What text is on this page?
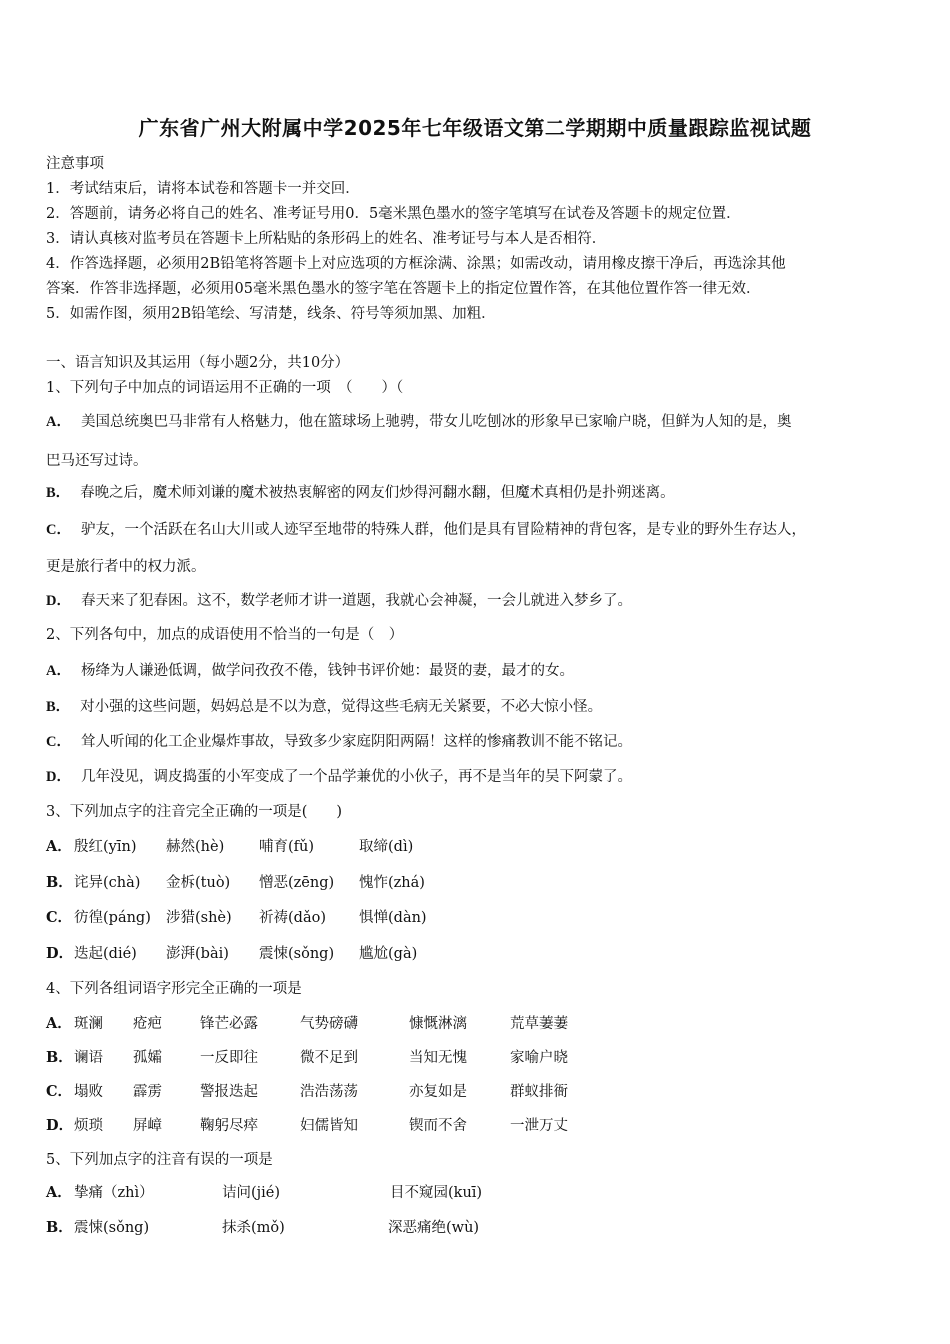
广东省广州大附属中学2025年七年级语文第二学期期中质量跟踪监视试题
注意事项
1．考试结束后，请将本试卷和答题卡一并交回．
2．答题前，请务必将自己的姓名、准考证号用0．5毫米黑色墨水的签字笔填写在试卷及答题卡的规定位置．
3．请认真核对监考员在答题卡上所粘贴的条形码上的姓名、准考证号与本人是否相符．
4．作答选择题，必须用2B铅笔将答题卡上对应选项的方框涂满、涂黑；如需改动，请用橡皮擦干净后，再选涂其他
答案．作答非选择题，必须用05毫米黑色墨水的签字笔在答题卡上的指定位置作答，在其他位置作答一律无效．
5．如需作图，须用2B铅笔绘、写清楚，线条、符号等须加黑、加粗．
一、语言知识及其运用（每小题2分，共10分）
1、下列句子中加点的词语运用不正确的一项　（　　）（
A． 美国总统奥巴马非常有人格魅力，他在篮球场上驰骋，带女儿吃刨冰的形象早已家喻户晓，但鲜为人知的是，奥
巴马还写过诗。
B． 春晚之后，魔术师刘谦的魔术被热衷解密的网友们炒得河翻水翻，但魔术真相仍是扑朔迷离。
C． 驴友，一个活跃在名山大川或人迹罕至地带的特殊人群，他们是具有冒险精神的背包客，是专业的野外生存达人，
更是旅行者中的权力派。
D． 春天来了犯春困。这不，数学老师才讲一道题，我就心会神凝，一会儿就进入梦乡了。
2、下列各句中，加点的成语使用不恰当的一句是（　）
A． 杨绛为人谦逊低调，做学问孜孜不倦，钱钟书评价她：最贤的妻，最才的女。
B． 对小强的这些问题，妈妈总是不以为意，觉得这些毛病无关紧要，不必大惊小怪。
C． 耸人听闻的化工企业爆炸事故，导致多少家庭阴阳两隔！这样的惨痛教训不能不铭记。
D． 几年没见，调皮捣蛋的小军变成了一个品学兼优的小伙子，再不是当年的吴下阿蒙了。
3、下列加点字的注音完全正确的一项是(　　)
A． 殷红(yīn) 赫然(hè) 哺育(fǔ)	取缔(dì)
B． 诧异(chà) 金柝(tuò) 憎恶(zēng) 愧怍(zhá)
C． 彷徨(páng) 涉猎(shè) 祈祷(dǎo) 惧惮(dàn)
D． 迭起(dié) 澎湃(bài) 震悚(sǒng) 尴尬(gà)
4、下列各组词语字形完全正确的一项是
A． 斑澜 疮疤	锋芒必露	气势磅礴	慷慨淋漓	荒草萋萋
B． 谰语 孤孀	一反即往	微不足到	当知无愧	家喻户晓
C． 塌败 霹雳	警报迭起	浩浩荡荡	亦复如是	群蚁排衙
D． 烦琐 屏嶂	鞠躬尽瘁	妇儒皆知	锲而不舍	一泄万丈
5、下列加点字的注音有误的一项是
A． 挚痛（zhì）	诘问(jié)	目不窥园(kuī)
B． 震悚(sǒng)	抹杀(mǒ)	深恶痛绝(wù)
